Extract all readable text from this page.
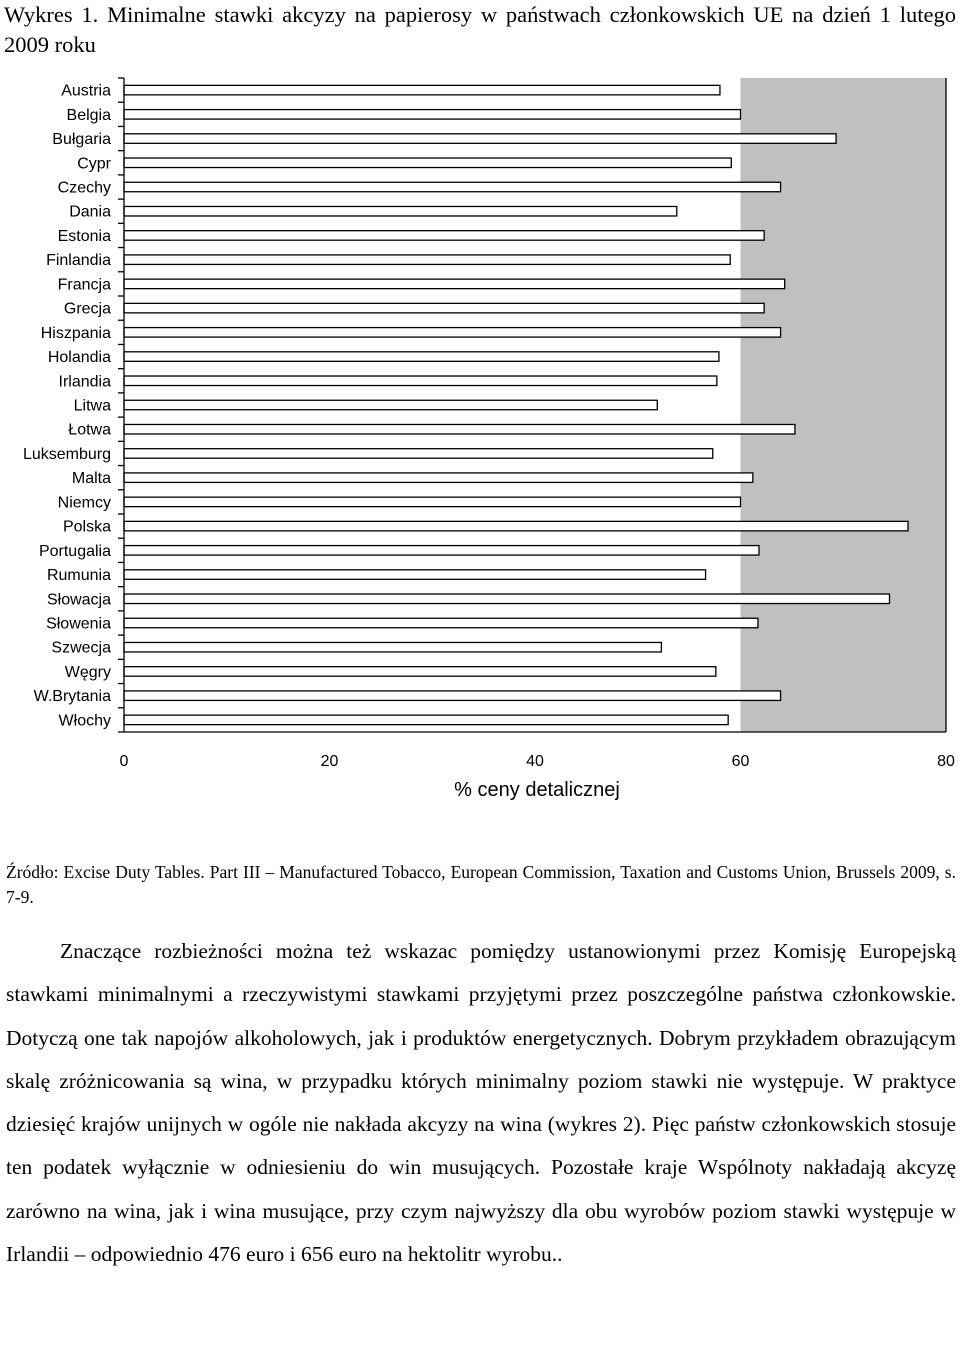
Wykres 1. Minimalne stawki akcyzy na papierosy w państwach członkowskich UE na dzień 1 lutego 2009 roku
Austria
Belgia
Bułgaria
Cypr
Czechy
Dania
Estonia
Finlandia
Francja
Grecja
Hiszpania
Holandia
Irlandia
Litwa
Łotwa
Luksemburg
Malta
Niemcy
Polska
Portugalia
Rumunia
Słowacja
Słowenia
Szwecja
Węgry
W.Brytania
Włochy
0	20	40	60	80
% ceny detalicznej

Źródło: Excise Duty Tables. Part III – Manufactured Tobacco, European Commission, Taxation and Customs Union, Brussels 2009, s. 7-9.

Znaczące rozbieżności można też wskazac pomiędzy ustanowionymi przez Komisję Europejską stawkami minimalnymi a rzeczywistymi stawkami przyjętymi przez poszczególne państwa członkowskie. Dotyczą one tak napojów alkoholowych, jak i produktów energetycznych. Dobrym przykładem obrazującym skalę zróżnicowania są wina, w przypadku których minimalny poziom stawki nie występuje. W praktyce dziesięć krajów unijnych w ogóle nie nakłada akcyzy na wina (wykres 2). Pięc państw członkowskich stosuje ten podatek wyłącznie w odniesieniu do win musujących. Pozostałe kraje Wspólnoty nakładają akcyzę zarówno na wina, jak i wina musujące, przy czym najwyższy dla obu wyrobów poziom stawki występuje w Irlandii – odpowiednio 476 euro i 656 euro na hektolitr wyrobu..
